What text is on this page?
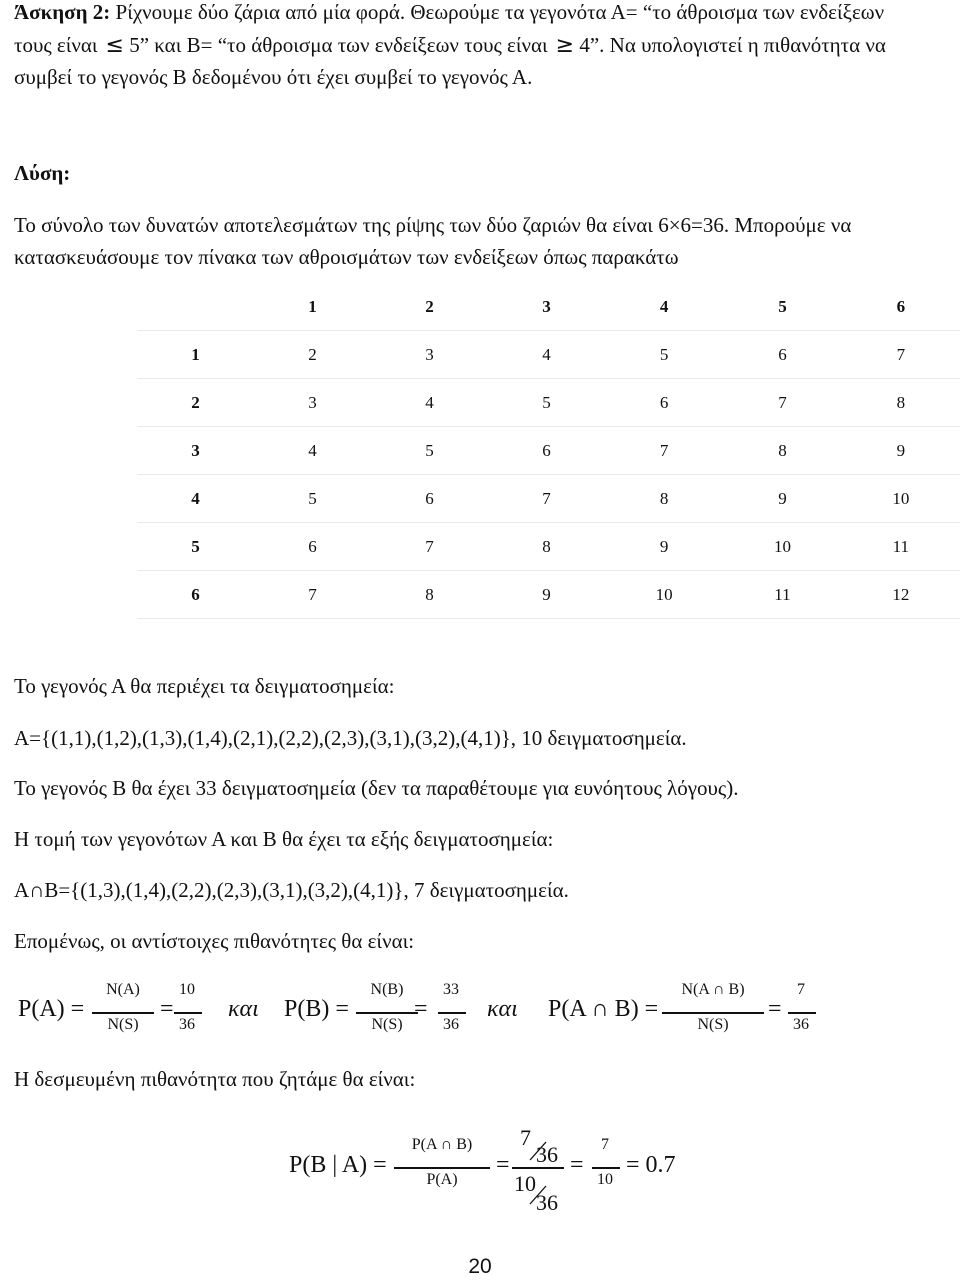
Άσκηση 2: Ρίχνουμε δύο ζάρια από μία φορά. Θεωρούμε τα γεγονότα Α= “το άθροισμα των ενδείξεων
τους είναι ≤ 5” και Β= “το άθροισμα των ενδείξεων τους είναι ≥ 4”. Να υπολογιστεί η πιθανότητα να
συμβεί το γεγονός Β δεδομένου ότι έχει συμβεί το γεγονός Α.
Λύση:
Το σύνολο των δυνατών αποτελεσμάτων της ρίψης των δύο ζαριών θα είναι 6×6=36. Μπορούμε να
κατασκευάσουμε τον πίνακα των αθροισμάτων των ενδείξεων όπως παρακάτω
	1	2	3	4	5	6
1	2	3	4	5	6	7
2	3	4	5	6	7	8
3	4	5	6	7	8	9
4	5	6	7	8	9	10
5	6	7	8	9	10	11
6	7	8	9	10	11	12
Το γεγονός Α θα περιέχει τα δειγματοσημεία:
A={(1,1),(1,2),(1,3),(1,4),(2,1),(2,2),(2,3),(3,1),(3,2),(4,1)}, 10 δειγματοσημεία.
Το γεγονός Β θα έχει 33 δειγματοσημεία (δεν τα παραθέτουμε για ευνόητους λόγους).
Η τομή των γεγονότων Α και Β θα έχει τα εξής δειγματοσημεία:
A∩B={(1,3),(1,4),(2,2),(2,3),(3,1),(3,2),(4,1)}, 7 δειγματοσημεία.
Επομένως, οι αντίστοιχες πιθανότητες θα είναι:
P(A) =
N(A)
N(S)
=
10
36
και P(B) =
N(B)
N(S)
=
33
36
και P(A ∩ B) =
N(A ∩ B)
N(S)
=
7
36
Η δεσμευμένη πιθανότητα που ζητάμε θα είναι:
P(B | A) =
P(A ∩ B)
P(A)
=
7
36
10
36
=
7
10
= 0.7
20
